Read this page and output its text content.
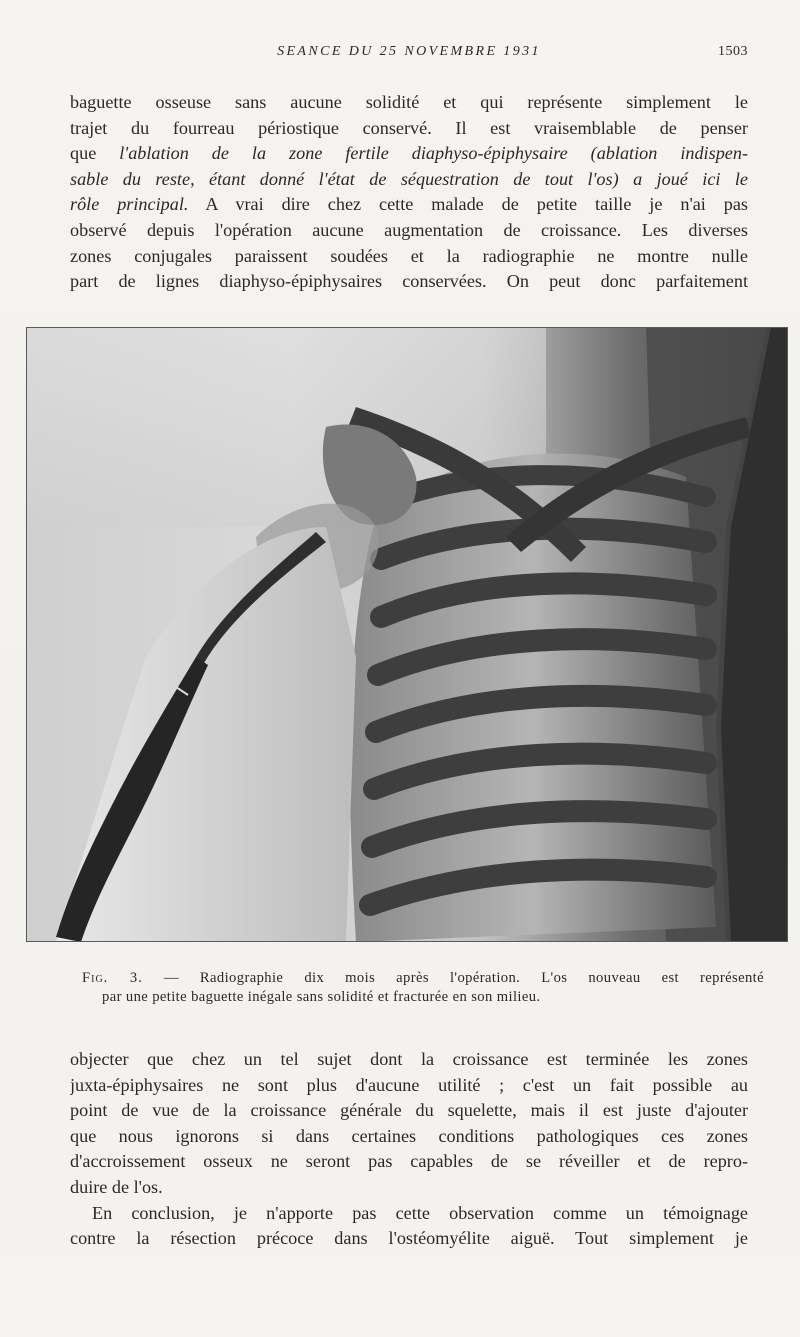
SEANCE DU 25 NOVEMBRE 1931	1503
baguette osseuse sans aucune solidité et qui représente simplement le
trajet du fourreau périostique conservé. Il est vraisemblable de penser
que l'ablation de la zone fertile diaphyso-épiphysaire (ablation indispen-
sable du reste, étant donné l'état de séquestration de tout l'os) a joué ici le
rôle principal. A vrai dire chez cette malade de petite taille je n'ai pas
observé depuis l'opération aucune augmentation de croissance. Les diverses
zones conjugales paraissent soudées et la radiographie ne montre nulle
part de lignes diaphyso-épiphysaires conservées. On peut donc parfaitement
Fig. 3. — Radiographie dix mois après l'opération. L'os nouveau est représenté
par une petite baguette inégale sans solidité et fracturée en son milieu.
objecter que chez un tel sujet dont la croissance est terminée les zones
juxta-épiphysaires ne sont plus d'aucune utilité ; c'est un fait possible au
point de vue de la croissance générale du squelette, mais il est juste d'ajouter
que nous ignorons si dans certaines conditions pathologiques ces zones
d'accroissement osseux ne seront pas capables de se réveiller et de repro-
duire de l'os.
En conclusion, je n'apporte pas cette observation comme un témoignage
contre la résection précoce dans l'ostéomyélite aiguë. Tout simplement je
